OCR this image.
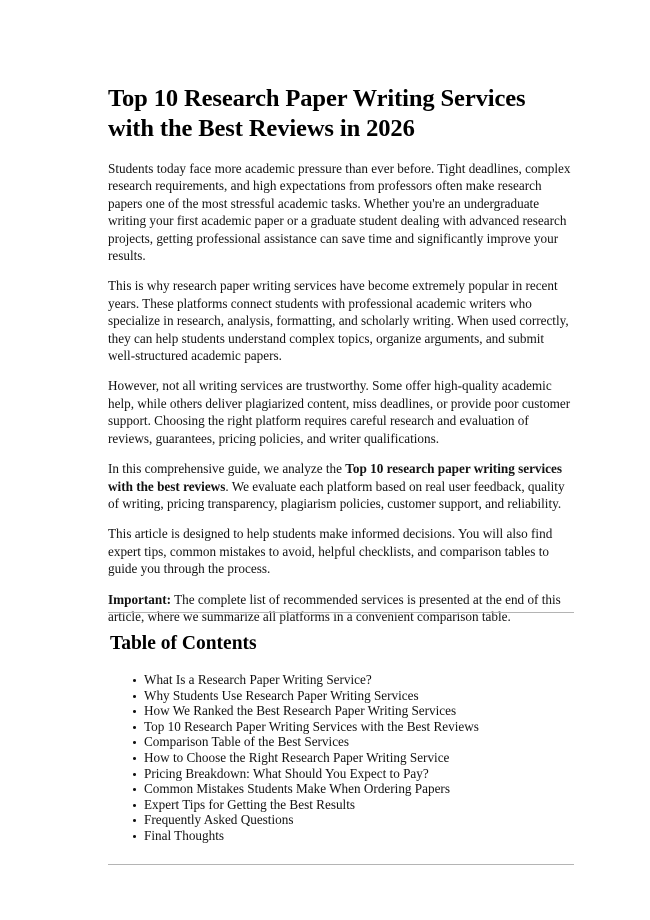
Top 10 Research Paper Writing Services with the Best Reviews in 2026

Students today face more academic pressure than ever before. Tight deadlines, complex research requirements, and high expectations from professors often make research papers one of the most stressful academic tasks. Whether you're an undergraduate writing your first academic paper or a graduate student dealing with advanced research projects, getting professional assistance can save time and significantly improve your results.

This is why research paper writing services have become extremely popular in recent years. These platforms connect students with professional academic writers who specialize in research, analysis, formatting, and scholarly writing. When used correctly, they can help students understand complex topics, organize arguments, and submit well-structured academic papers.

However, not all writing services are trustworthy. Some offer high-quality academic help, while others deliver plagiarized content, miss deadlines, or provide poor customer support. Choosing the right platform requires careful research and evaluation of reviews, guarantees, pricing policies, and writer qualifications.

In this comprehensive guide, we analyze the Top 10 research paper writing services with the best reviews. We evaluate each platform based on real user feedback, quality of writing, pricing transparency, plagiarism policies, customer support, and reliability.

This article is designed to help students make informed decisions. You will also find expert tips, common mistakes to avoid, helpful checklists, and comparison tables to guide you through the process.

Important: The complete list of recommended services is presented at the end of this article, where we summarize all platforms in a convenient comparison table.

Table of Contents
What Is a Research Paper Writing Service?
Why Students Use Research Paper Writing Services
How We Ranked the Best Research Paper Writing Services
Top 10 Research Paper Writing Services with the Best Reviews
Comparison Table of the Best Services
How to Choose the Right Research Paper Writing Service
Pricing Breakdown: What Should You Expect to Pay?
Common Mistakes Students Make When Ordering Papers
Expert Tips for Getting the Best Results
Frequently Asked Questions
Final Thoughts
